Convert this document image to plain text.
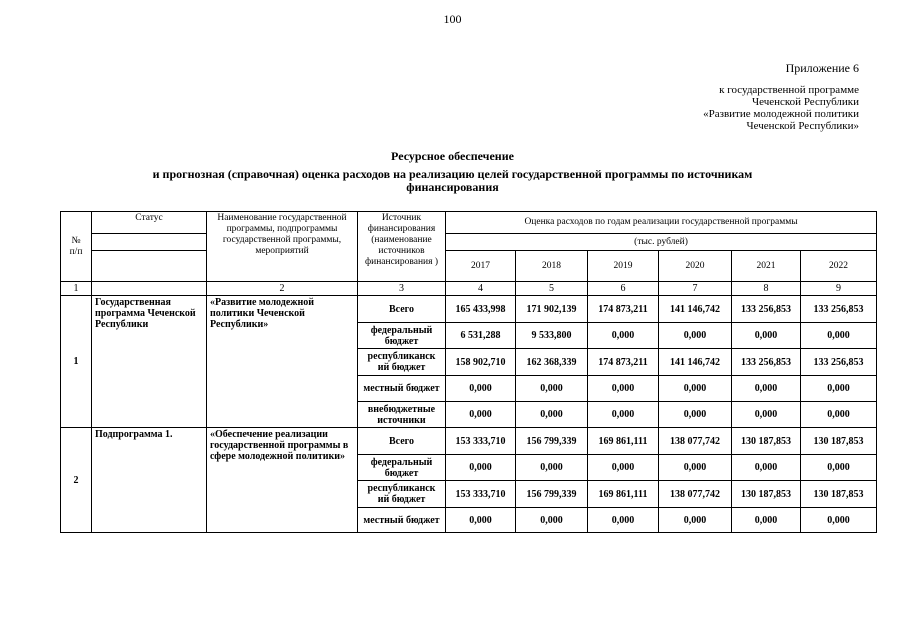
100
Приложение 6
к государственной программе
Чеченской Республики
«Развитие молодежной политики
Чеченской Республики»
Ресурсное обеспечение
и прогнозная (справочная) оценка расходов на реализацию целей государственной программы по источникам финансирования
№
п/п	Статус	Наименование государственной программы, подпрограммы государственной программы, мероприятий	Источник финансирования (наименование источников финансирования )	Оценка расходов по годам реализации государственной программы					
				(тыс. рублей)					
				2017	2018	2019	2020	2021	2022
1		2	3	4	5	6	7	8	9
1	Государственная программа Чеченской Республики	«Развитие молодежной политики Чеченской Республики»	Всего	165 433,998	171 902,139	174 873,211	141 146,742	133 256,853	133 256,853
			федеральный бюджет	6 531,288	9 533,800	0,000	0,000	0,000	0,000
			республиканск ий бюджет	158 902,710	162 368,339	174 873,211	141 146,742	133 256,853	133 256,853
			местный бюджет	0,000	0,000	0,000	0,000	0,000	0,000
			внебюджетные источники	0,000	0,000	0,000	0,000	0,000	0,000
2	Подпрограмма 1.	«Обеспечение реализации государственной программы в сфере молодежной политики»	Всего	153 333,710	156 799,339	169 861,111	138 077,742	130 187,853	130 187,853
			федеральный бюджет	0,000	0,000	0,000	0,000	0,000	0,000
			республиканск ий бюджет	153 333,710	156 799,339	169 861,111	138 077,742	130 187,853	130 187,853
			местный бюджет	0,000	0,000	0,000	0,000	0,000	0,000
